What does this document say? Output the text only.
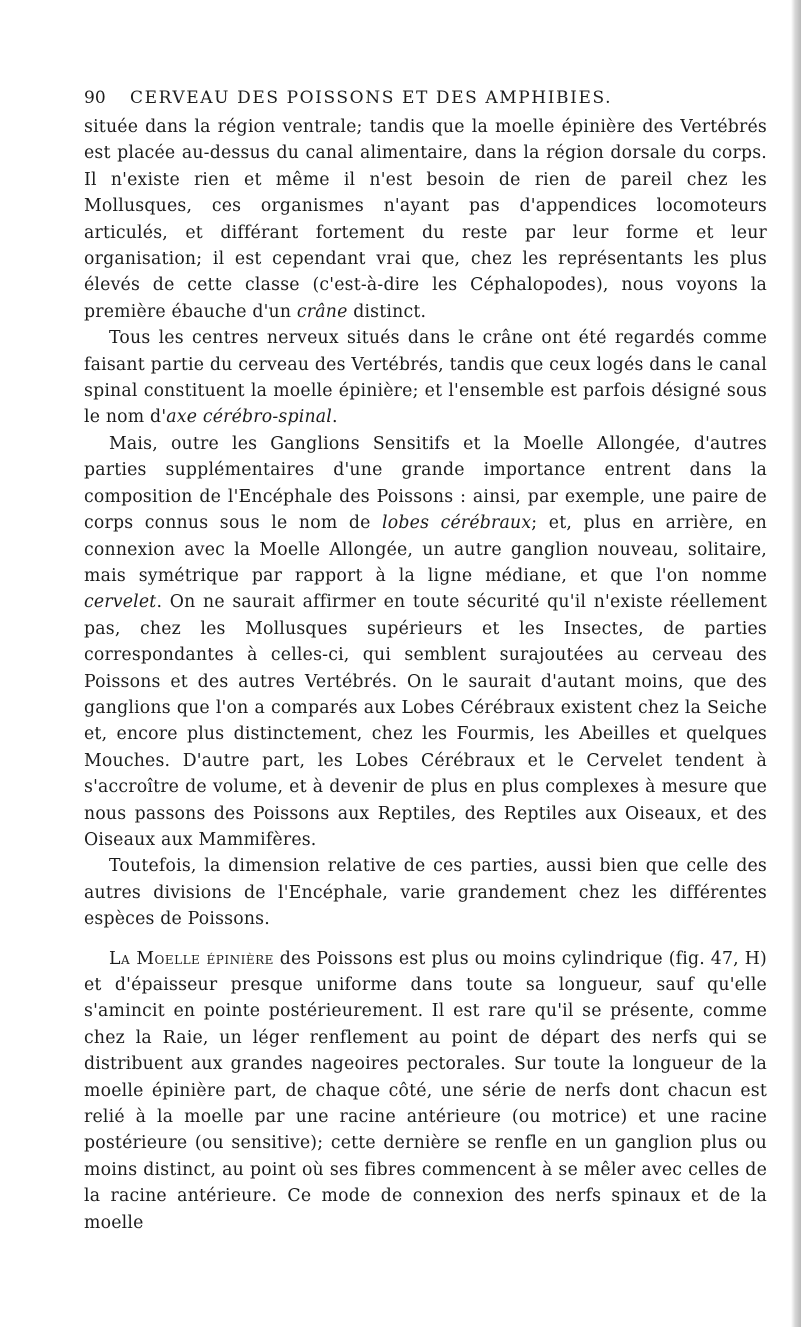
90	CERVEAU DES POISSONS ET DES AMPHIBIES.

située dans la région ventrale; tandis que la moelle épinière des Vertébrés est placée au-dessus du canal alimentaire, dans la région dorsale du corps. Il n'existe rien et même il n'est besoin de rien de pareil chez les Mollusques, ces organismes n'ayant pas d'appendices locomoteurs articulés, et différant fortement du reste par leur forme et leur organisation; il est cependant vrai que, chez les représentants les plus élevés de cette classe (c'est-à-dire les Céphalopodes), nous voyons la première ébauche d'un crâne distinct.

Tous les centres nerveux situés dans le crâne ont été regardés comme faisant partie du cerveau des Vertébrés, tandis que ceux logés dans le canal spinal constituent la moelle épinière; et l'ensemble est parfois désigné sous le nom d'axe cérébro-spinal.

Mais, outre les Ganglions Sensitifs et la Moelle Allongée, d'autres parties supplémentaires d'une grande importance entrent dans la composition de l'Encéphale des Poissons : ainsi, par exemple, une paire de corps connus sous le nom de lobes cérébraux; et, plus en arrière, en connexion avec la Moelle Allongée, un autre ganglion nouveau, solitaire, mais symétrique par rapport à la ligne médiane, et que l'on nomme cervelet. On ne saurait affirmer en toute sécurité qu'il n'existe réellement pas, chez les Mollusques supérieurs et les Insectes, de parties correspondantes à celles-ci, qui semblent surajoutées au cerveau des Poissons et des autres Vertébrés. On le saurait d'autant moins, que des ganglions que l'on a comparés aux Lobes Cérébraux existent chez la Seiche et, encore plus distinctement, chez les Fourmis, les Abeilles et quelques Mouches. D'autre part, les Lobes Cérébraux et le Cervelet tendent à s'accroître de volume, et à devenir de plus en plus complexes à mesure que nous passons des Poissons aux Reptiles, des Reptiles aux Oiseaux, et des Oiseaux aux Mammifères.

Toutefois, la dimension relative de ces parties, aussi bien que celle des autres divisions de l'Encéphale, varie grandement chez les différentes espèces de Poissons.

La Moelle épinière des Poissons est plus ou moins cylindrique (fig. 47, H) et d'épaisseur presque uniforme dans toute sa longueur, sauf qu'elle s'amincit en pointe postérieurement. Il est rare qu'il se présente, comme chez la Raie, un léger renflement au point de départ des nerfs qui se distribuent aux grandes nageoires pectorales. Sur toute la longueur de la moelle épinière part, de chaque côté, une série de nerfs dont chacun est relié à la moelle par une racine antérieure (ou motrice) et une racine postérieure (ou sensitive); cette dernière se renfle en un ganglion plus ou moins distinct, au point où ses fibres commencent à se mêler avec celles de la racine antérieure. Ce mode de connexion des nerfs spinaux et de la moelle
